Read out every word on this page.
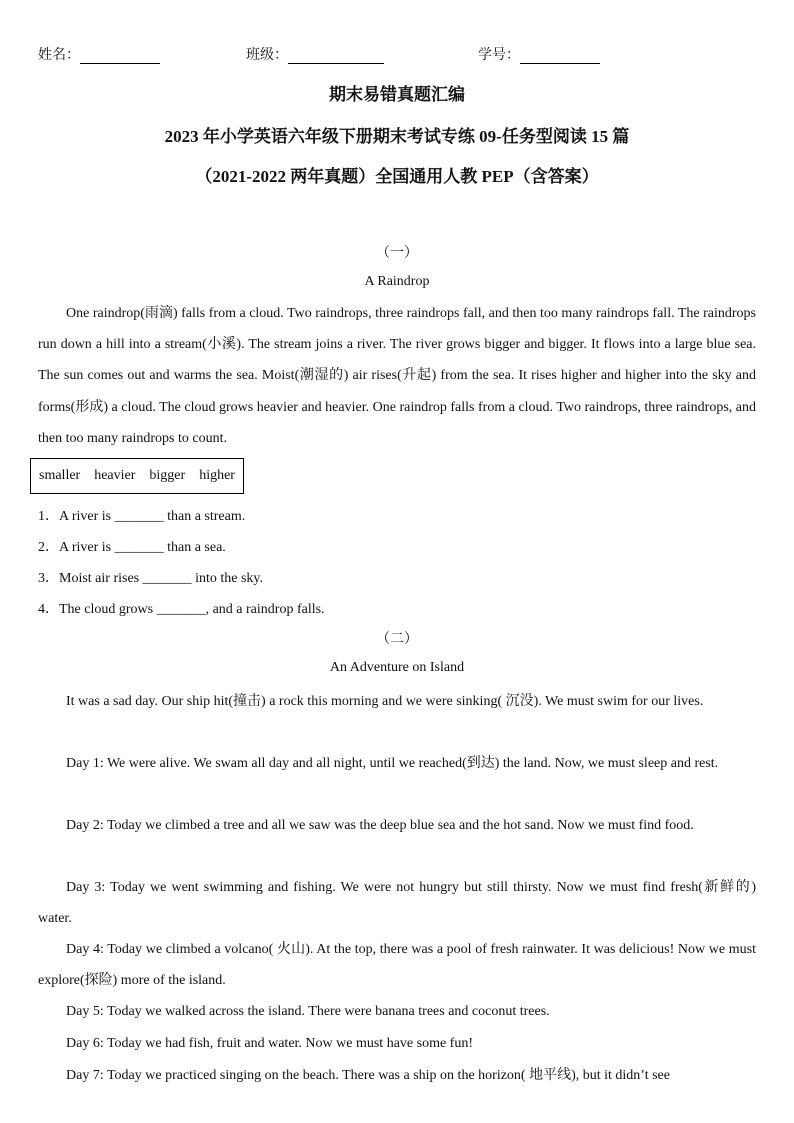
姓名：	班级：	学号：
期末易错真题汇编
2023 年小学英语六年级下册期末考试专练 09-任务型阅读 15 篇
（2021-2022 两年真题）全国通用人教 PEP（含答案）
（一）
A Raindrop

One raindrop(雨滴) falls from a cloud. Two raindrops, three raindrops fall, and then too many raindrops fall. The raindrops run down a hill into a stream(小溪). The stream joins a river. The river grows bigger and bigger. It flows into a large blue sea. The sun comes out and warms the sea. Moist(潮湿的) air rises(升起) from the sea. It rises higher and higher into the sky and forms(形成) a cloud. The cloud grows heavier and heavier. One raindrop falls from a cloud. Two raindrops, three raindrops, and then too many raindrops to count.

smaller heavier bigger higher
1．A river is _______ than a stream.
2．A river is _______ than a sea.
3．Moist air rises _______ into the sky.
4．The cloud grows _______, and a raindrop falls.
（二）
An Adventure on Island

It was a sad day. Our ship hit(撞击) a rock this morning and we were sinking( 沉没). We must swim for our lives.

Day 1: We were alive. We swam all day and all night, until we reached(到达) the land. Now, we must sleep and rest.

Day 2: Today we climbed a tree and all we saw was the deep blue sea and the hot sand. Now we must find food.

Day 3: Today we went swimming and fishing. We were not hungry but still thirsty. Now we must find fresh(新鲜的) water.

Day 4: Today we climbed a volcano( 火山). At the top, there was a pool of fresh rainwater. It was delicious! Now we must explore(探险) more of the island.

Day 5: Today we walked across the island. There were banana trees and coconut trees.

Day 6: Today we had fish, fruit and water. Now we must have some fun!

Day 7: Today we practiced singing on the beach. There was a ship on the horizon( 地平线), but it didn’t see
